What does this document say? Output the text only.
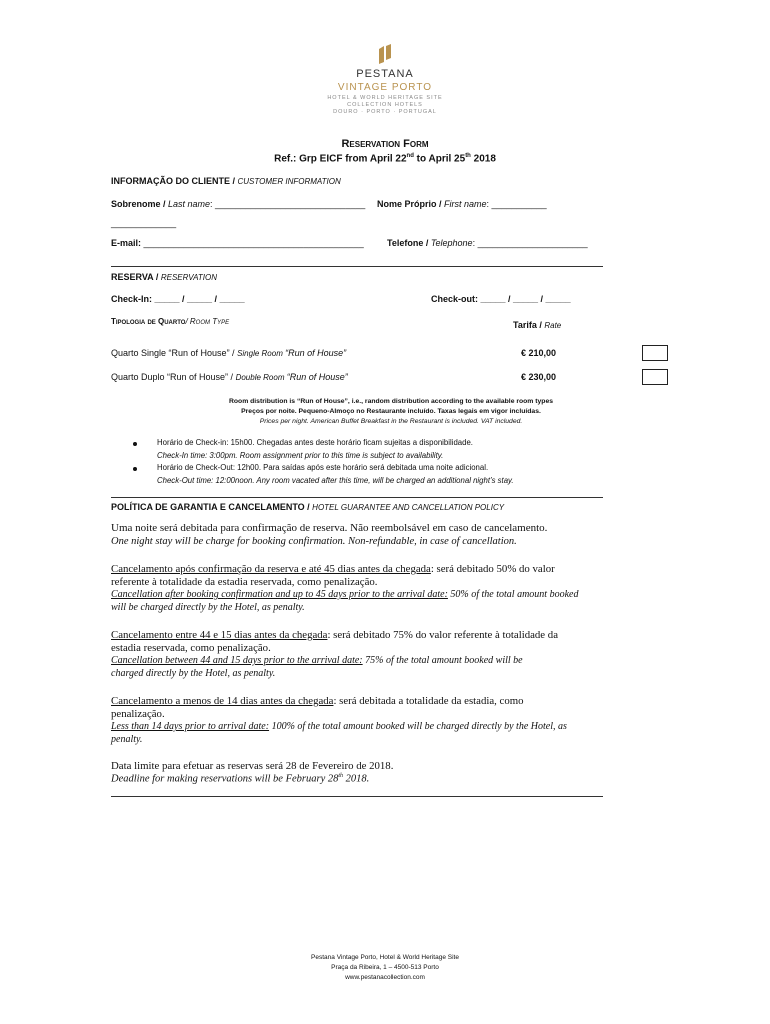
PESTANA
VINTAGE PORTO
HOTEL & WORLD HERITAGE SITE
COLLECTION HOTELS
DOURO · PORTO · PORTUGAL
Reservation Form
Ref.: Grp EICF from April 22nd to April 25th 2018
INFORMAÇÃO DO CLIENTE / CUSTOMER INFORMATION
Sobrenome / Last name: ______________________________ Nome Próprio / First name: ___________
_____________
E-mail: ____________________________________________	Telefone / Telephone: ______________________
RESERVA / RESERVATION
Check-In: _____ / _____ / _____	Check-out: _____ / _____ / _____
Tipologia de Quarto/ Room Type	Tarifa / Rate
Quarto Single “Run of House” / Single Room “Run of House”	€ 210,00
Quarto Duplo “Run of House” / Double Room “Run of House”	€ 230,00
Room distribution is “Run of House”, i.e., random distribution according to the available room types
Preços por noite. Pequeno-Almoço no Restaurante incluído. Taxas legais em vigor incluídas.
Prices per night. American Buffet Breakfast in the Restaurant is included. VAT included.
Horário de Check-in: 15h00. Chegadas antes deste horário ficam sujeitas a disponibilidade.
Check-In time: 3:00pm. Room assignment prior to this time is subject to availability.
Horário de Check-Out: 12h00. Para saídas após este horário será debitada uma noite adicional.
Check-Out time: 12:00noon. Any room vacated after this time, will be charged an additional night’s stay.
POLÍTICA DE GARANTIA E CANCELAMENTO / HOTEL GUARANTEE AND CANCELLATION POLICY
Uma noite será debitada para confirmação de reserva. Não reembolsável em caso de cancelamento.
One night stay will be charge for booking confirmation. Non-refundable, in case of cancellation.
Cancelamento após confirmação da reserva e até 45 dias antes da chegada: será debitado 50% do valor
referente à totalidade da estadia reservada, como penalização.
Cancellation after booking confirmation and up to 45 days prior to the arrival date: 50% of the total amount booked
will be charged directly by the Hotel, as penalty.
Cancelamento entre 44 e 15 dias antes da chegada: será debitado 75% do valor referente à totalidade da
estadia reservada, como penalização.
Cancellation between 44 and 15 days prior to the arrival date: 75% of the total amount booked will be
charged directly by the Hotel, as penalty.
Cancelamento a menos de 14 dias antes da chegada: será debitada a totalidade da estadia, como
penalização.
Less than 14 days prior to arrival date: 100% of the total amount booked will be charged directly by the Hotel, as
penalty.
Data limite para efetuar as reservas será 28 de Fevereiro de 2018.
Deadline for making reservations will be February 28th 2018.
Pestana Vintage Porto, Hotel & World Heritage Site
Praça da Ribeira, 1 – 4500-513 Porto
www.pestanacollection.com
